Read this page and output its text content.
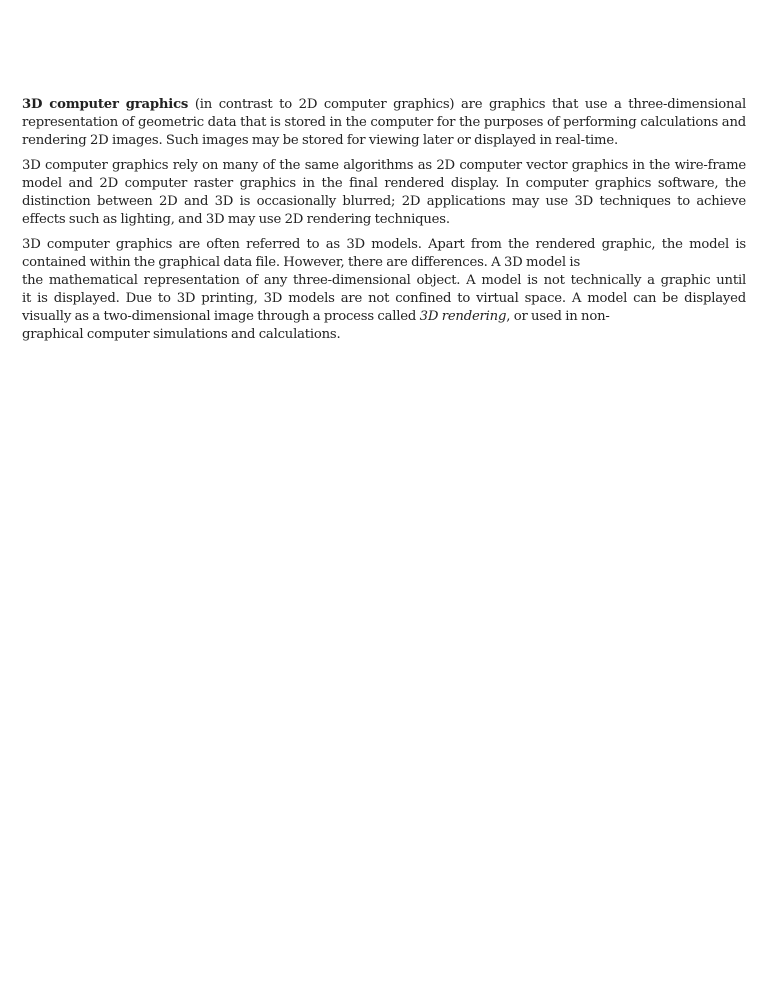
3D computer graphics (in contrast to 2D computer graphics) are graphics that use a three-dimensional representation of geometric data that is stored in the computer for the purposes of performing calculations and rendering 2D images. Such images may be stored for viewing later or displayed in real-time.

3D computer graphics rely on many of the same algorithms as 2D computer vector graphics in the wire-frame model and 2D computer raster graphics in the final rendered display. In computer graphics software, the distinction between 2D and 3D is occasionally blurred; 2D applications may use 3D techniques to achieve effects such as lighting, and 3D may use 2D rendering techniques.

3D computer graphics are often referred to as 3D models. Apart from the rendered graphic, the model is
contained within the graphical data file. However, there are differences. A 3D model is
the mathematical representation of any three-dimensional object. A model is not technically a graphic until
it is displayed. Due to 3D printing, 3D models are not confined to virtual space. A model can be displayed
visually as a two-dimensional image through a process called 3D rendering, or used in non-
graphical computer simulations and calculations.
